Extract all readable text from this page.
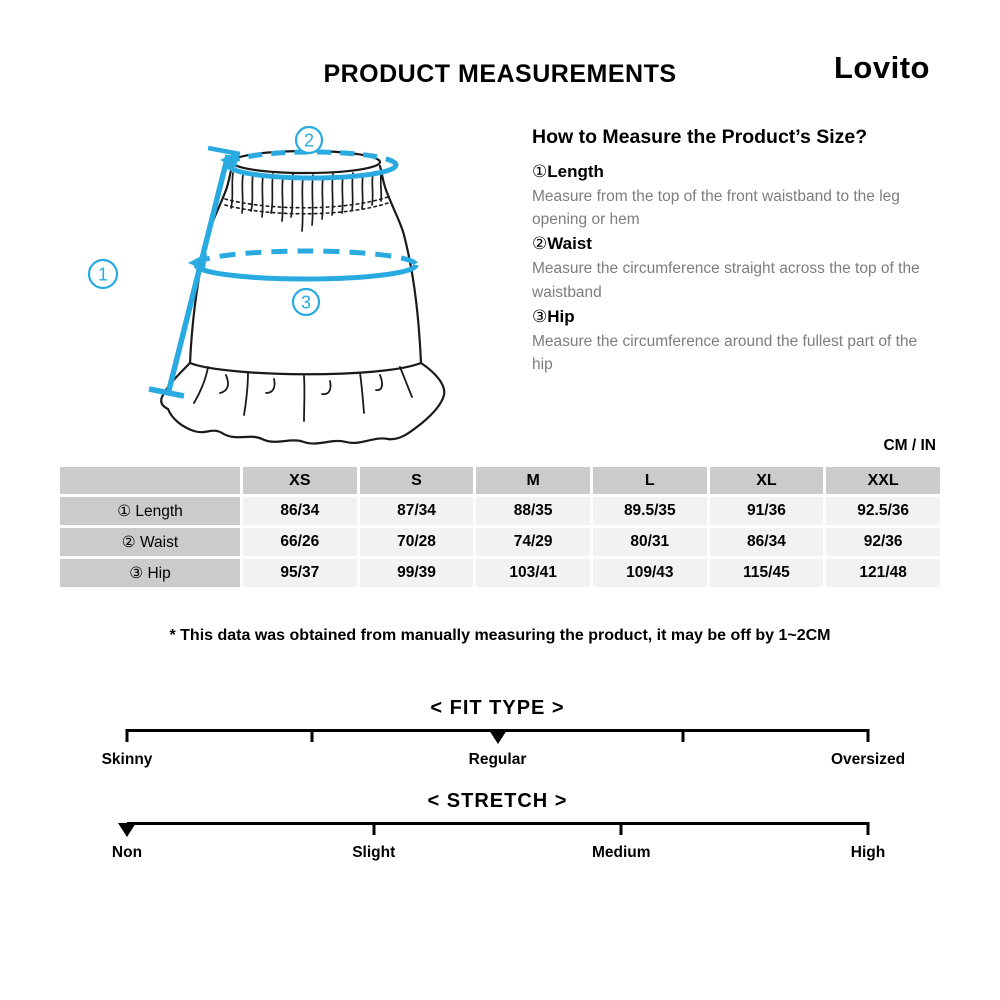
PRODUCT MEASUREMENTS	Lovito
1
2
3
How to Measure the Product’s Size?
①Length
Measure from the top of the front waistband to the leg opening or hem
②Waist
Measure the circumference straight across the top of the waistband
③Hip
Measure the circumference around the fullest part of the hip
CM / IN
	XS	S	M	L	XL	XXL
① Length	86/34	87/34	88/35	89.5/35	91/36	92.5/36
② Waist	66/26	70/28	74/29	80/31	86/34	92/36
③ Hip	95/37	99/39	103/41	109/43	115/45	121/48
* This data was obtained from manually measuring the product, it may be off by 1~2CM
< FIT TYPE >
Skinny	Regular	Oversized
< STRETCH >
Non	Slight	Medium	High
